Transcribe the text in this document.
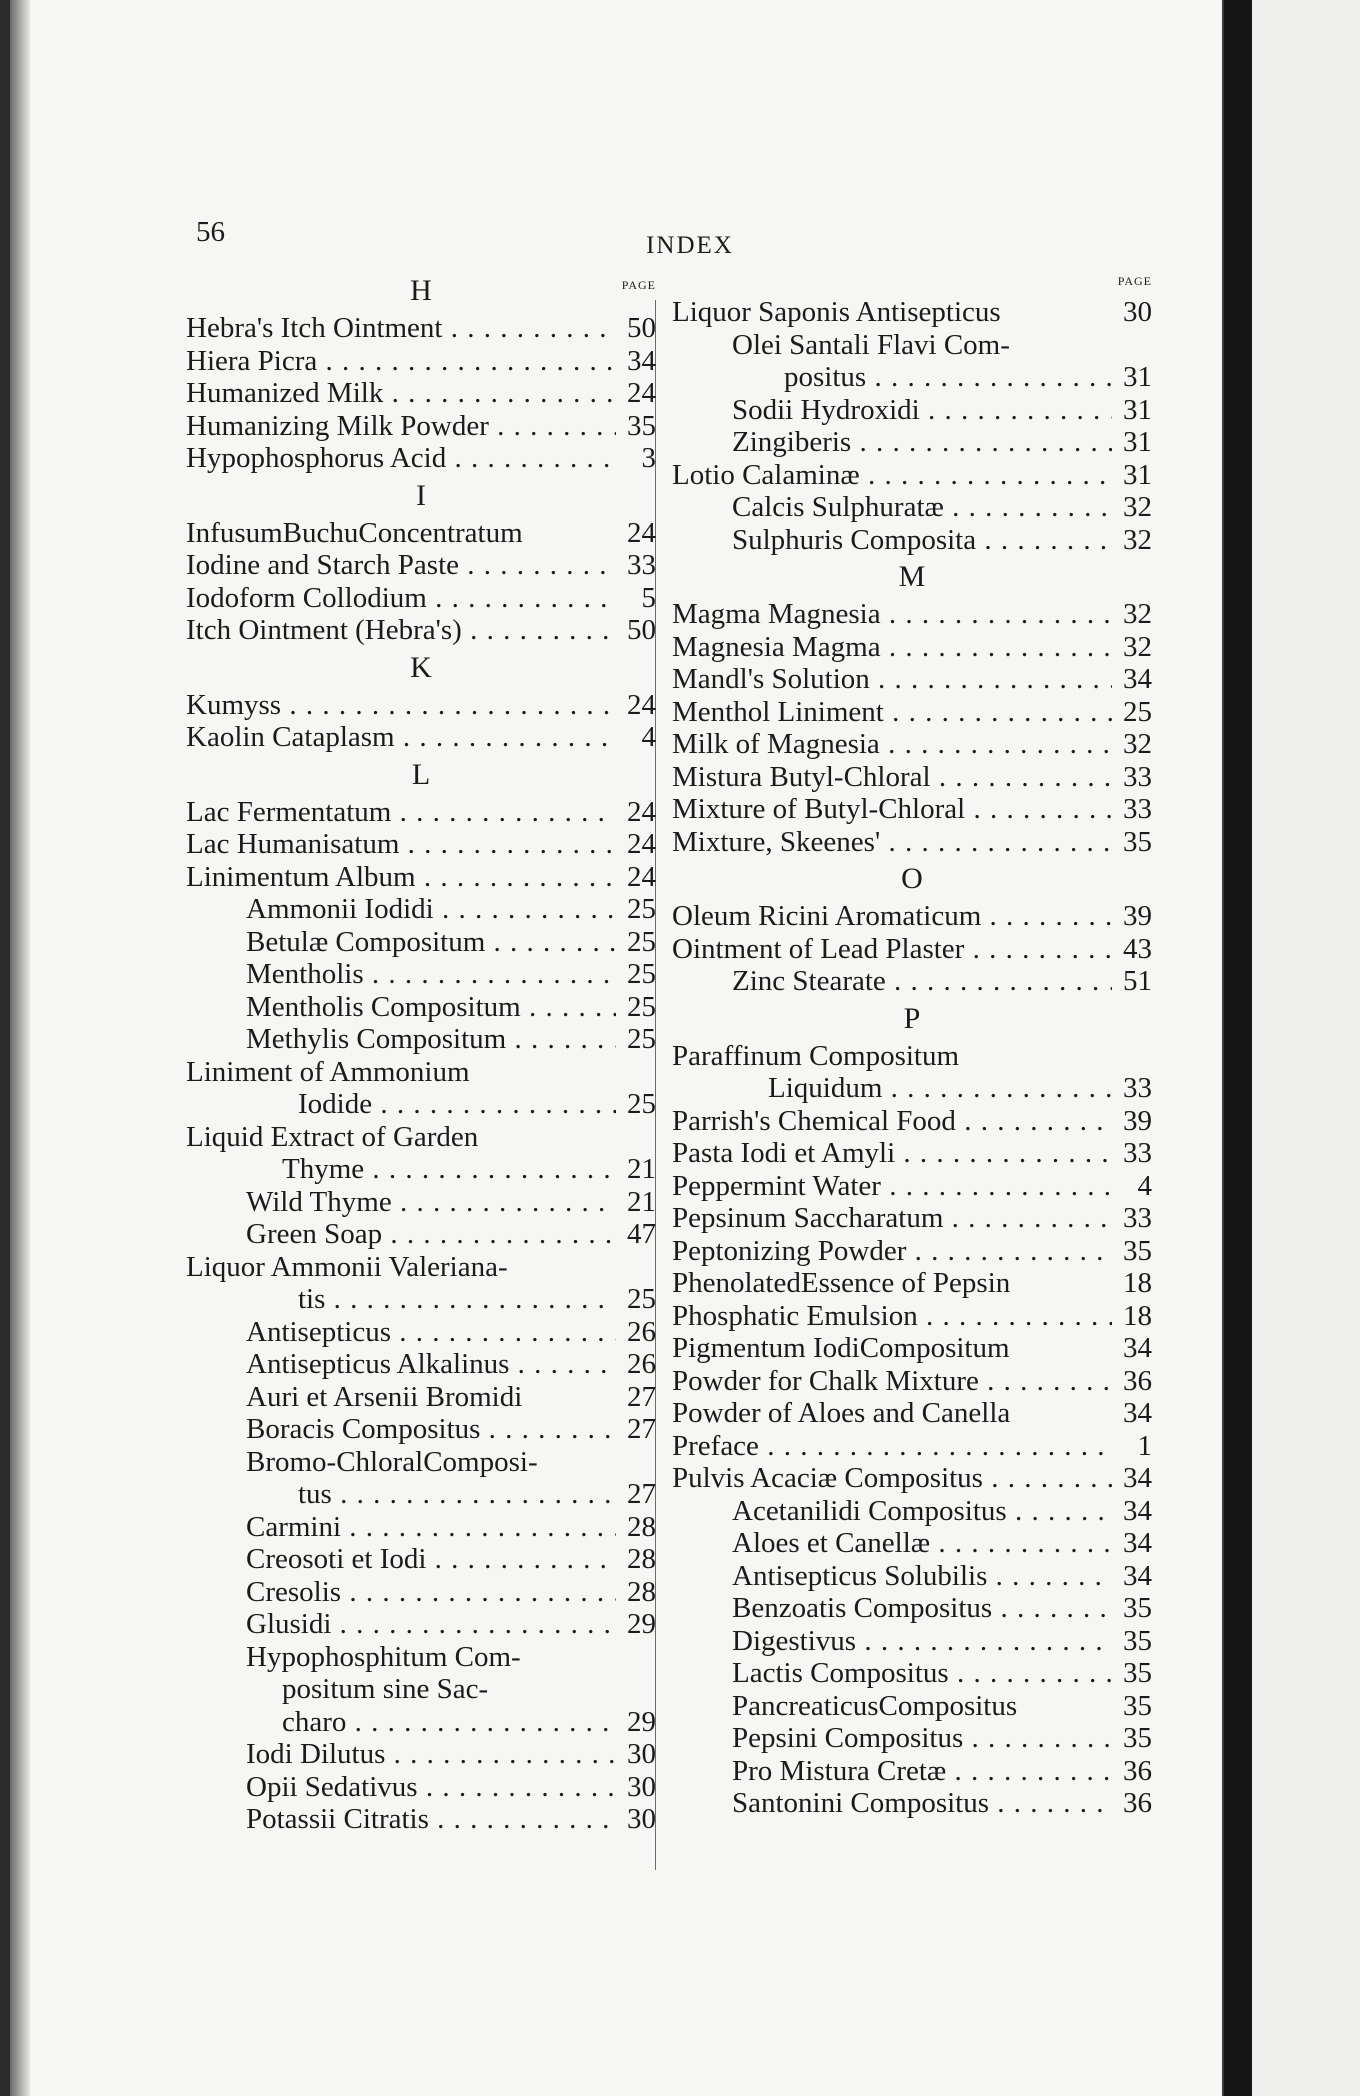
56	INDEX
H	PAGE
Hebra's Itch Ointment . . .	50
Hiera Picra . . .	34
Humanized Milk . . .	24
Humanizing Milk Powder . . .	35
Hypophosphorus Acid . . .	3
I
InfusumBuchuConcentratum	24
Iodine and Starch Paste . . .	33
Iodoform Collodium . . .	5
Itch Ointment (Hebra's) . . .	50
K
Kumyss . . .	24
Kaolin Cataplasm . . .	4
L
Lac Fermentatum . . .	24
Lac Humanisatum . . .	24
Linimentum Album . . .	24
Ammonii Iodidi . . .	25
Betulæ Compositum . . .	25
Mentholis . . .	25
Mentholis Compositum . . .	25
Methylis Compositum . . .	25
Liniment of Ammonium
Iodide . . .	25
Liquid Extract of Garden
Thyme . . .	21
Wild Thyme . . .	21
Green Soap . . .	47
Liquor Ammonii Valeriana-
tis . . .	25
Antisepticus . . .	26
Antisepticus Alkalinus . . .	26
Auri et Arsenii Bromidi	27
Boracis Compositus . . .	27
Bromo-ChloralComposi-
tus . . .	27
Carmini . . .	28
Creosoti et Iodi . . .	28
Cresolis . . .	28
Glusidi . . .	29
Hypophosphitum Com-
positum sine Sac-
charo . . .	29
Iodi Dilutus . . .	30
Opii Sedativus . . .	30
Potassii Citratis . . .	30
PAGE
Liquor Saponis Antisepticus	30
Olei Santali Flavi Com-
positus . . .	31
Sodii Hydroxidi . . .	31
Zingiberis . . .	31
Lotio Calaminæ . . .	31
Calcis Sulphuratæ . . .	32
Sulphuris Composita . . .	32
M
Magma Magnesia . . .	32
Magnesia Magma . . .	32
Mandl's Solution . . .	34
Menthol Liniment . . .	25
Milk of Magnesia . . .	32
Mistura Butyl-Chloral . . .	33
Mixture of Butyl-Chloral . . .	33
Mixture, Skeenes' . . .	35
O
Oleum Ricini Aromaticum . . .	39
Ointment of Lead Plaster . . .	43
Zinc Stearate . . .	51
P
Paraffinum Compositum
Liquidum . . .	33
Parrish's Chemical Food . . .	39
Pasta Iodi et Amyli . . .	33
Peppermint Water . . .	4
Pepsinum Saccharatum . . .	33
Peptonizing Powder . . .	35
PhenolatedEssence of Pepsin	18
Phosphatic Emulsion . . .	18
Pigmentum IodiCompositum	34
Powder for Chalk Mixture . . .	36
Powder of Aloes and Canella	34
Preface . . .	1
Pulvis Acaciæ Compositus . . .	34
Acetanilidi Compositus . . .	34
Aloes et Canellæ . . .	34
Antisepticus Solubilis . . .	34
Benzoatis Compositus . . .	35
Digestivus . . .	35
Lactis Compositus . . .	35
PancreaticusCompositus	35
Pepsini Compositus . . .	35
Pro Mistura Cretæ . . .	36
Santonini Compositus . . .	36
